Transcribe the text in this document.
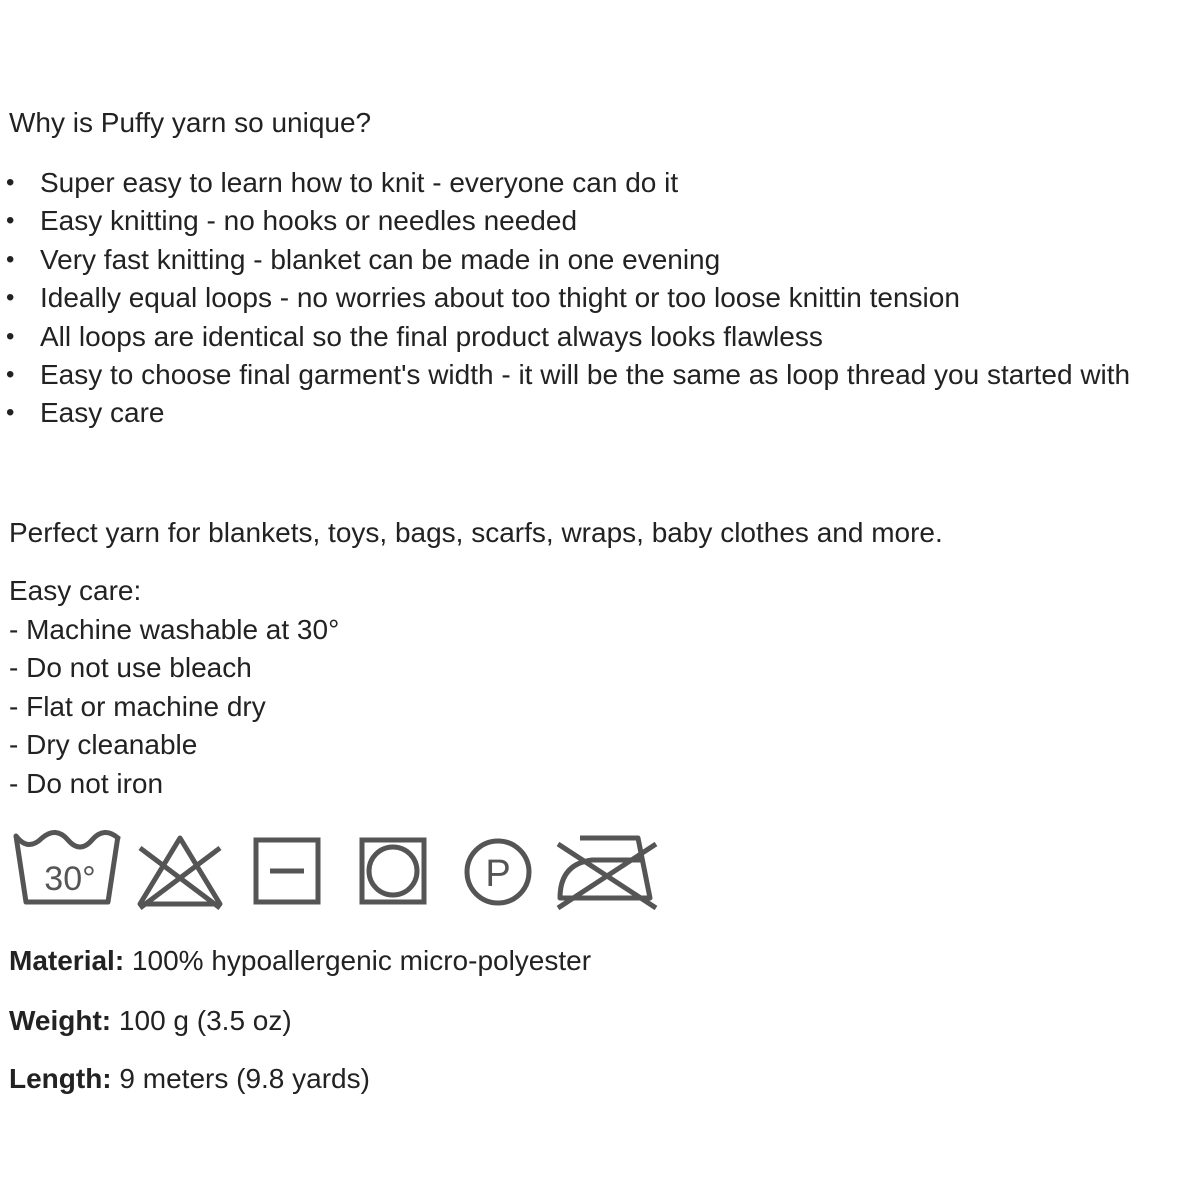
Why is Puffy yarn so unique?
• Super easy to learn how to knit - everyone can do it
• Easy knitting - no hooks or needles needed
• Very fast knitting - blanket can be made in one evening
• Ideally equal loops - no worries about too thight or too loose knittin tension
• All loops are identical so the final product always looks flawless
• Easy to choose final garment's width - it will be the same as loop thread you started with
• Easy care
Perfect yarn for blankets, toys, bags, scarfs, wraps, baby clothes and more.
Easy care:
- Machine washable at 30°
- Do not use bleach
- Flat or machine dry
- Dry cleanable
- Do not iron
30°	P
Material: 100% hypoallergenic micro-polyester
Weight: 100 g (3.5 oz)
Length: 9 meters (9.8 yards)
